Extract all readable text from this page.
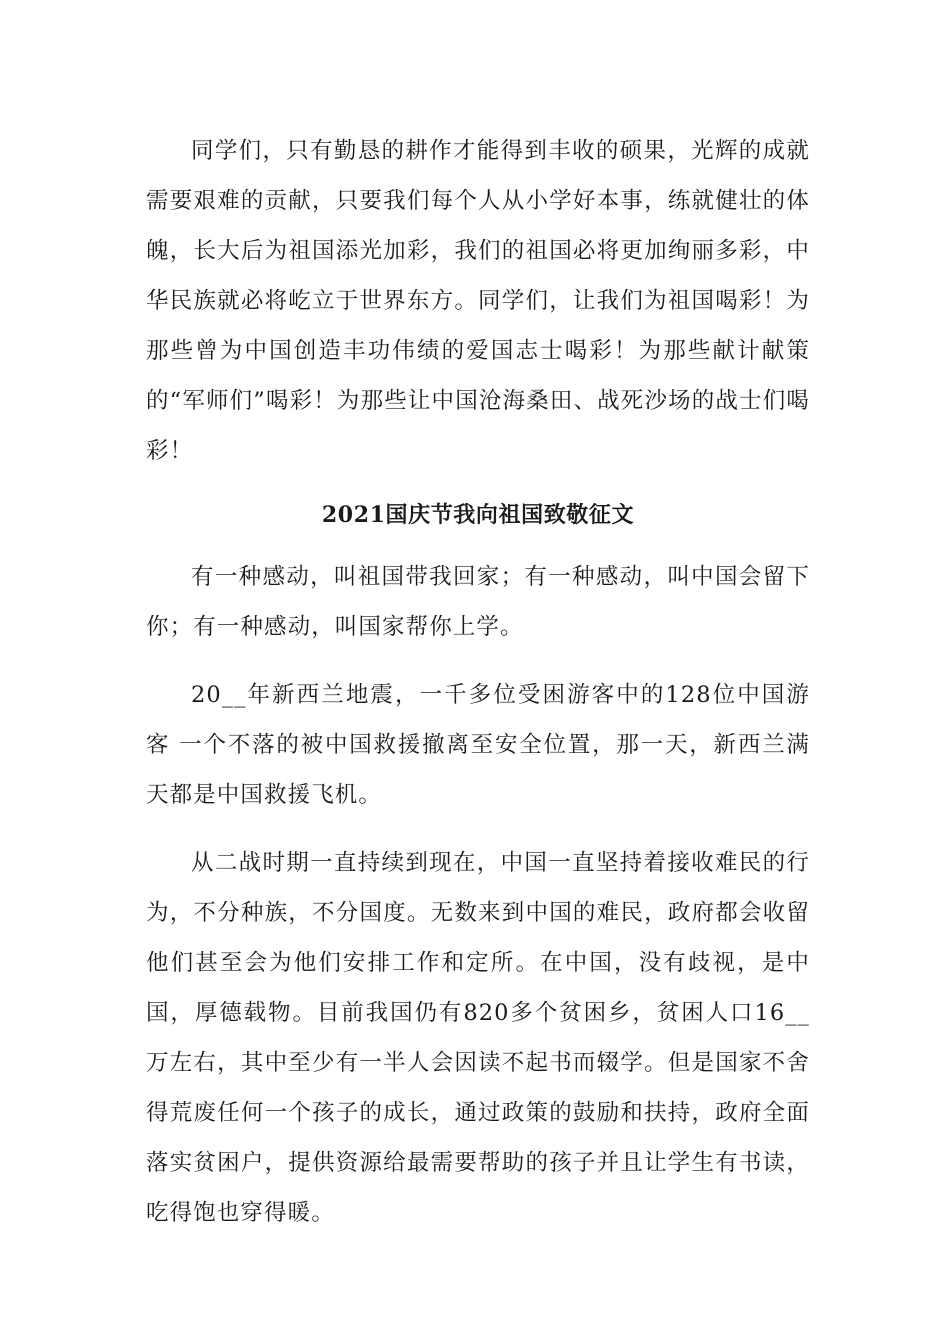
同学们，只有勤恳的耕作才能得到丰收的硕果，光辉的成就需要艰难的贡献，只要我们每个人从小学好本事，练就健壮的体魄，长大后为祖国添光加彩，我们的祖国必将更加绚丽多彩，中华民族就必将屹立于世界东方。同学们，让我们为祖国喝彩！为那些曾为中国创造丰功伟绩的爱国志士喝彩！为那些献计献策的“军师们”喝彩！为那些让中国沧海桑田、战死沙场的战士们喝彩！

2021国庆节我向祖国致敬征文

有一种感动，叫祖国带我回家；有一种感动，叫中国会留下你；有一种感动，叫国家帮你上学。

20__年新西兰地震，一千多位受困游客中的128位中国游客 一个不落的被中国救援撤离至安全位置，那一天，新西兰满天都是中国救援飞机。

从二战时期一直持续到现在，中国一直坚持着接收难民的行为，不分种族，不分国度。无数来到中国的难民，政府都会收留他们甚至会为他们安排工作和定所。在中国，没有歧视，是中国，厚德载物。目前我国仍有820多个贫困乡，贫困人口16__万左右，其中至少有一半人会因读不起书而辍学。但是国家不舍得荒废任何一个孩子的成长，通过政策的鼓励和扶持，政府全面落实贫困户，提供资源给最需要帮助的孩子并且让学生有书读，吃得饱也穿得暖。
